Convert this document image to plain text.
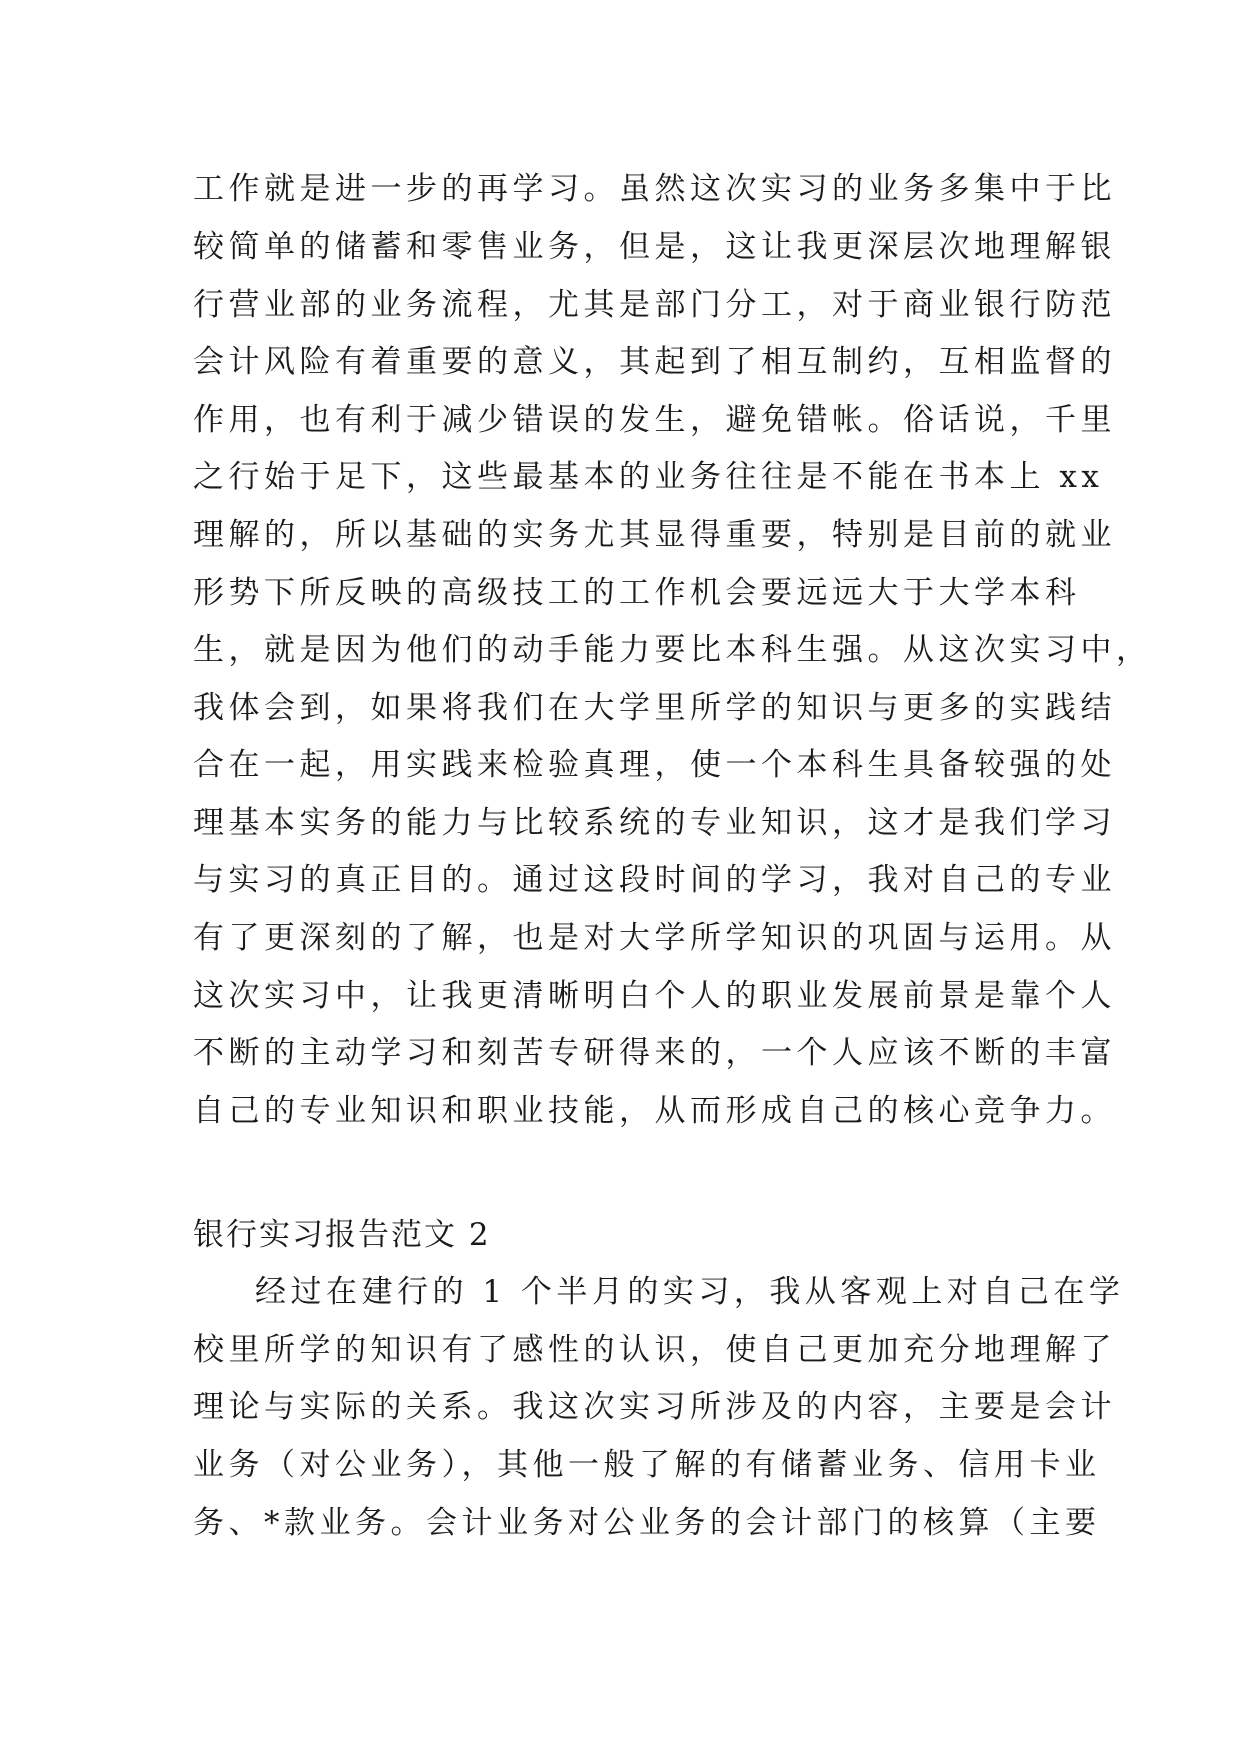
工作就是进一步的再学习。虽然这次实习的业务多集中于比
较简单的储蓄和零售业务，但是，这让我更深层次地理解银
行营业部的业务流程，尤其是部门分工，对于商业银行防范
会计风险有着重要的意义，其起到了相互制约，互相监督的
作用，也有利于减少错误的发生，避免错帐。俗话说，千里
之行始于足下，这些最基本的业务往往是不能在书本上 xx
理解的，所以基础的实务尤其显得重要，特别是目前的就业
形势下所反映的高级技工的工作机会要远远大于大学本科
生，就是因为他们的动手能力要比本科生强。从这次实习中，
我体会到，如果将我们在大学里所学的知识与更多的实践结
合在一起，用实践来检验真理，使一个本科生具备较强的处
理基本实务的能力与比较系统的专业知识，这才是我们学习
与实习的真正目的。通过这段时间的学习，我对自己的专业
有了更深刻的了解，也是对大学所学知识的巩固与运用。从
这次实习中，让我更清晰明白个人的职业发展前景是靠个人
不断的主动学习和刻苦专研得来的，一个人应该不断的丰富
自己的专业知识和职业技能，从而形成自己的核心竞争力。
银行实习报告范文 2
经过在建行的 1 个半月的实习，我从客观上对自己在学
校里所学的知识有了感性的认识，使自己更加充分地理解了
理论与实际的关系。我这次实习所涉及的内容，主要是会计
业务（对公业务），其他一般了解的有储蓄业务、信用卡业
务、*款业务。会计业务对公业务的会计部门的核算（主要
